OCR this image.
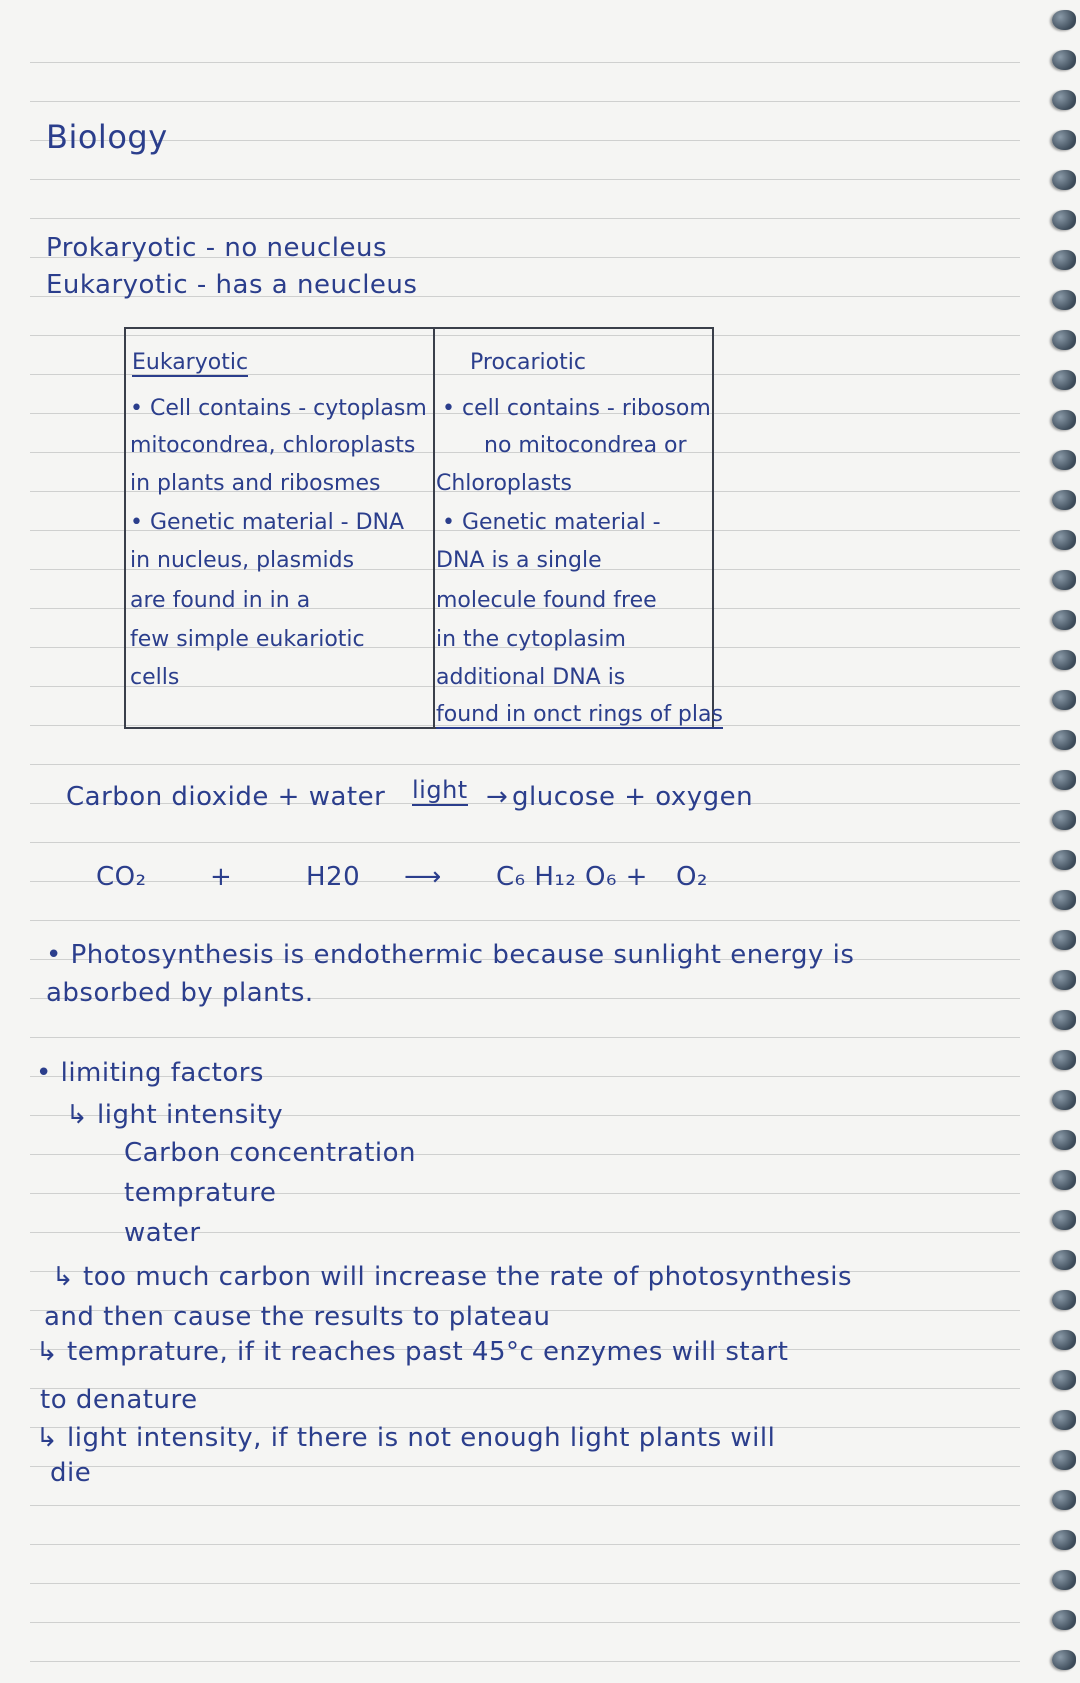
Biology
Prokaryotic - no neucleus
Eukaryotic - has a neucleus
Eukaryotic	Procariotic
• Cell contains - cytoplasm
mitocondrea, chloroplasts
in plants and ribosmes
• Genetic material - DNA
in nucleus, plasmids
are found in in a
few simple eukariotic
cells
• cell contains - ribosom
no mitocondrea or
Chloroplasts
• Genetic material -
DNA is a single
molecule found free
in the cytoplasim
additional DNA is
found in onct rings of plas
Carbon dioxide + water light → glucose + oxygen
CO₂ +	H20 ⟶ C₆ H₁₂ O₆ + O₂
• Photosynthesis is endothermic because sunlight energy is
absorbed by plants.
• limiting factors
↳ light intensity
Carbon concentration
temprature
water
↳ too much carbon will increase the rate of photosynthesis
and then cause the results to plateau
↳ temprature, if it reaches past 45°c enzymes will start
to denature
↳ light intensity, if there is not enough light plants will
die
